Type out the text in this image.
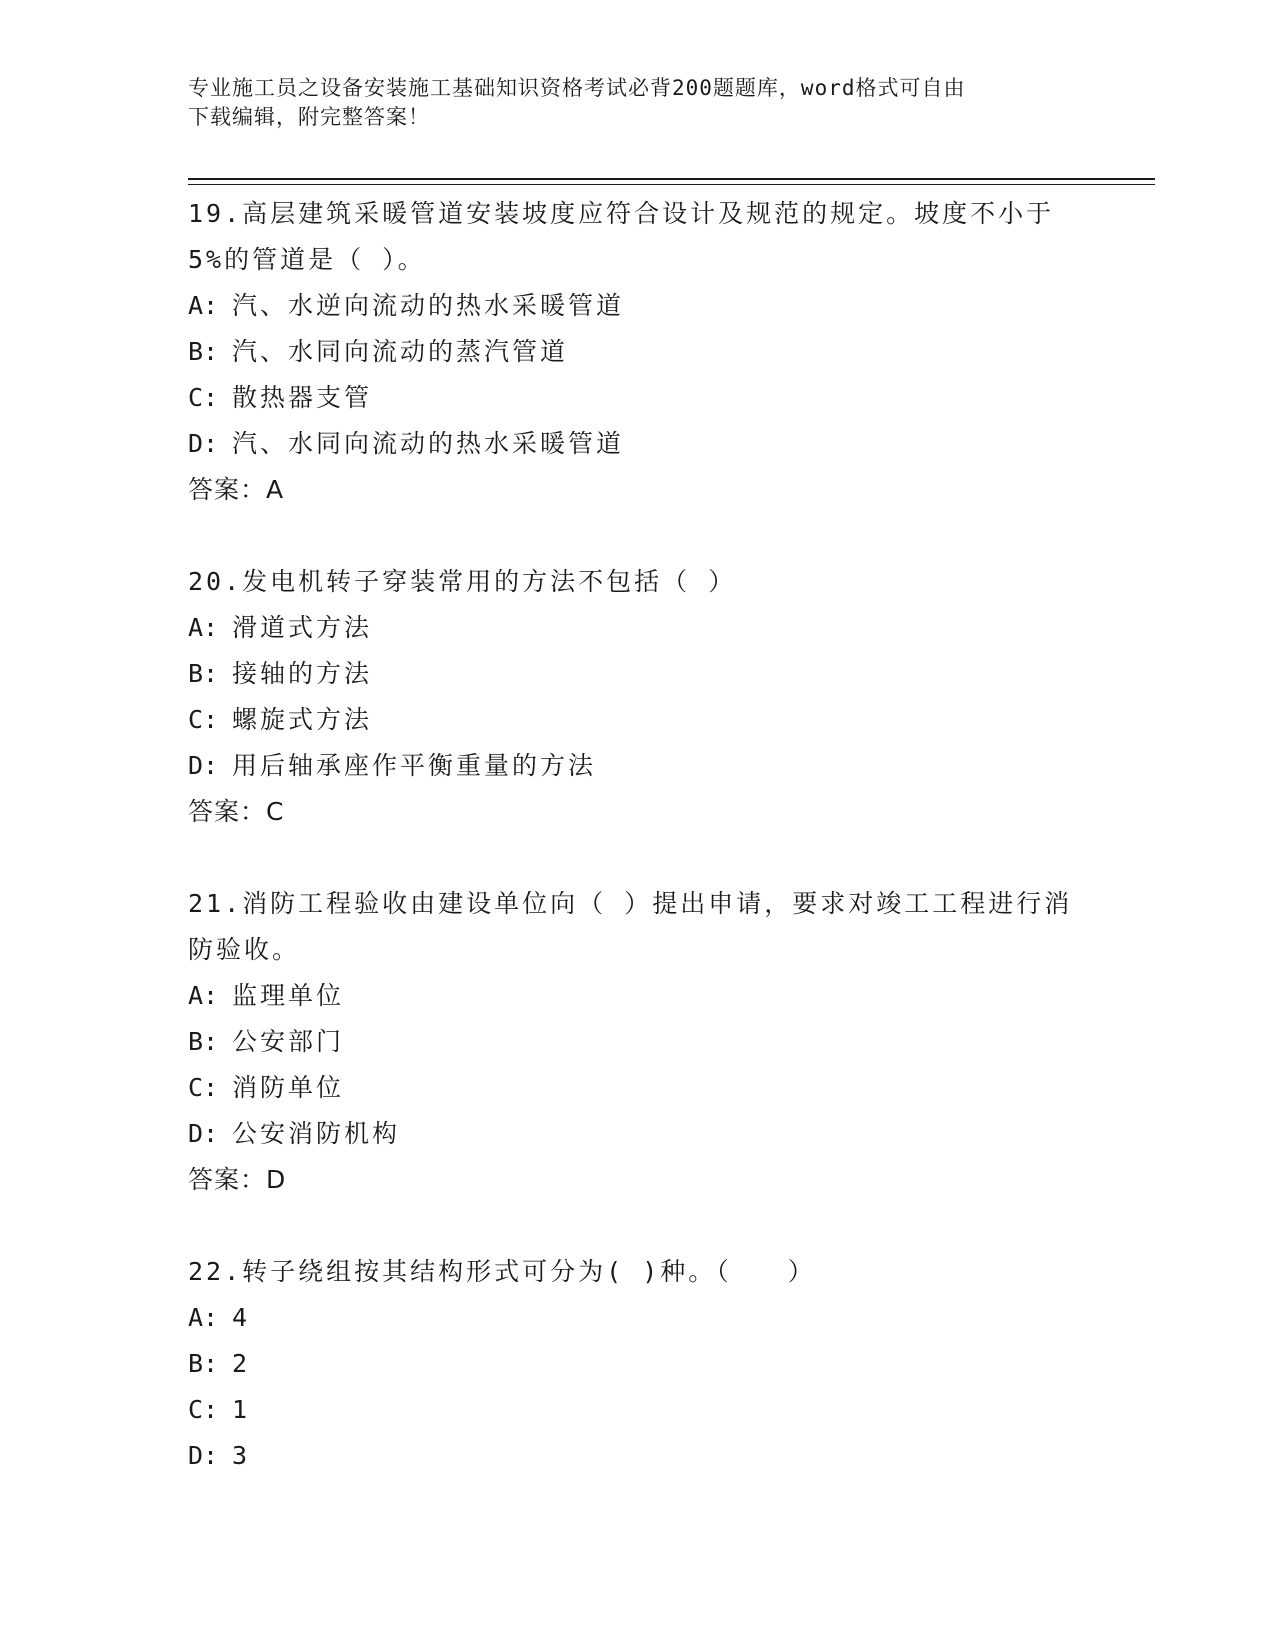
专业施工员之设备安装施工基础知识资格考试必背200题题库，word格式可自由
下载编辑，附完整答案！
19.高层建筑采暖管道安装坡度应符合设计及规范的规定。坡度不小于5%的管道是（ ）。
A: 汽、水逆向流动的热水采暖管道
B: 汽、水同向流动的蒸汽管道
C: 散热器支管
D: 汽、水同向流动的热水采暖管道
答案：A
20.发电机转子穿装常用的方法不包括（ ）
A: 滑道式方法
B: 接轴的方法
C: 螺旋式方法
D: 用后轴承座作平衡重量的方法
答案：C
21.消防工程验收由建设单位向（ ）提出申请，要求对竣工工程进行消防验收。
A: 监理单位
B: 公安部门
C: 消防单位
D: 公安消防机构
答案：D
22.转子绕组按其结构形式可分为( )种。（　　）
A: 4
B: 2
C: 1
D: 3
